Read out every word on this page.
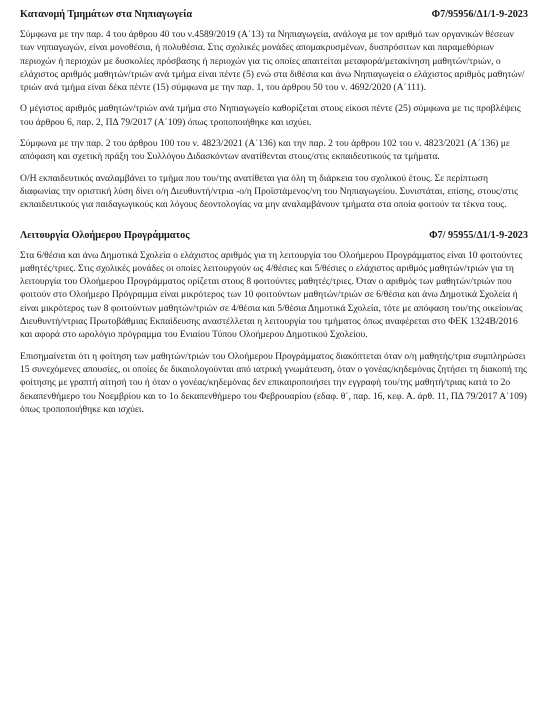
Κατανομή Τμημάτων στα Νηπιαγωγεία	Φ7/95956/Δ1/1-9-2023

Σύμφωνα με την παρ. 4 του άρθρου 40 του ν.4589/2019 (Α΄13) τα Νηπιαγωγεία, ανάλογα με τον αριθμό των οργανικών θέσεων των νηπιαγωγών, είναι μονοθέσια, ή πολυθέσια. Στις σχολικές μονάδες απομακρυσμένων, δυσπρόσιτων και παραμεθόριων περιοχών ή περιοχών με δυσκολίες πρόσβασης ή περιοχών για τις οποίες απαιτείται μεταφορά/μετακίνηση μαθητών/τριών, ο ελάχιστος αριθμός μαθητών/τριών ανά τμήμα είναι πέντε (5) ενώ στα διθέσια και άνω Νηπιαγωγεία ο ελάχιστος αριθμός μαθητών/τριών ανά τμήμα είναι δέκα πέντε (15) σύμφωνα με την παρ. 1, του άρθρου 50 του ν. 4692/2020 (Α΄111).

Ο μέγιστος αριθμός μαθητών/τριών ανά τμήμα στο Νηπιαγωγείο καθορίζεται στους είκοσι πέντε (25) σύμφωνα με τις προβλέψεις του άρθρου 6, παρ. 2, ΠΔ 79/2017 (Α΄109) όπως τροποποιήθηκε και ισχύει.

Σύμφωνα με την παρ. 2 του άρθρου 100 του ν. 4823/2021 (Α΄136) και την παρ. 2 του άρθρου 102 του ν. 4823/2021 (Α΄136) με απόφαση και σχετική πράξη του Συλλόγου Διδασκόντων ανατίθενται στους/στις εκπαιδευτικούς τα τμήματα.

Ο/Η εκπαιδευτικός αναλαμβάνει το τμήμα που του/της ανατίθεται για όλη τη διάρκεια του σχολικού έτους. Σε περίπτωση διαφωνίας την οριστική λύση δίνει ο/η Διευθυντή/ντρια -ο/η Προϊστάμενος/νη του Νηπιαγωγείου. Συνιστάται, επίσης, στους/στις εκπαιδευτικούς για παιδαγωγικούς και λόγους δεοντολογίας να μην αναλαμβάνουν τμήματα στα οποία φοιτούν τα τέκνα τους.

Λειτουργία Ολοήμερου Προγράμματος	Φ7/ 95955/Δ1/1-9-2023

Στα 6/θέσια και άνω Δημοτικά Σχολεία ο ελάχιστος αριθμός για τη λειτουργία του Ολοήμερου Προγράμματος είναι 10 φοιτούντες μαθητές/τριες. Στις σχολικές μονάδες οι οποίες λειτουργούν ως 4/θέσιες και 5/θέσιες ο ελάχιστος αριθμός μαθητών/τριών για τη λειτουργία του Ολοήμερου Προγράμματος ορίζεται στους 8 φοιτούντες μαθητές/τριες. Όταν ο αριθμός των μαθητών/τριών που φοιτούν στο Ολοήμερο Πρόγραμμα είναι μικρότερος των 10 φοιτούντων μαθητών/τριών σε 6/θέσια και άνω Δημοτικά Σχολεία ή είναι μικρότερος των 8 φοιτούντων μαθητών/τριών σε 4/θέσια και 5/θέσια Δημοτικά Σχολεία, τότε με απόφαση του/της οικείου/ας Διευθυντή/ντριας Πρωτοβάθμιας Εκπαίδευσης αναστέλλεται η λειτουργία του τμήματος όπως αναφέρεται στο ΦΕΚ 1324Β/2016 και αφορά στο ωρολόγιο πρόγραμμα του Ενιαίου Τύπου Ολοήμερου Δημοτικού Σχολείου.

Επισημαίνεται ότι η φοίτηση των μαθητών/τριών του Ολοήμερου Προγράμματος διακόπτεται όταν ο/η μαθητής/τρια συμπληρώσει 15 συνεχόμενες απουσίες, οι οποίες δε δικαιολογούνται από ιατρική γνωμάτευση, όταν ο γονέας/κηδεμόνας ζητήσει τη διακοπή της φοίτησης με γραπτή αίτησή του ή όταν ο γονέας/κηδεμόνας δεν επικαιροποιήσει την εγγραφή του/της μαθητή/τριας κατά το 2ο δεκαπενθήμερο του Νοεμβρίου και το 1ο δεκαπενθήμερο του Φεβρουαρίου (εδαφ. θ΄, παρ. 16, κεφ. Α. άρθ. 11, ΠΔ 79/2017 Α΄109) όπως τροποποιήθηκε και ισχύει.
